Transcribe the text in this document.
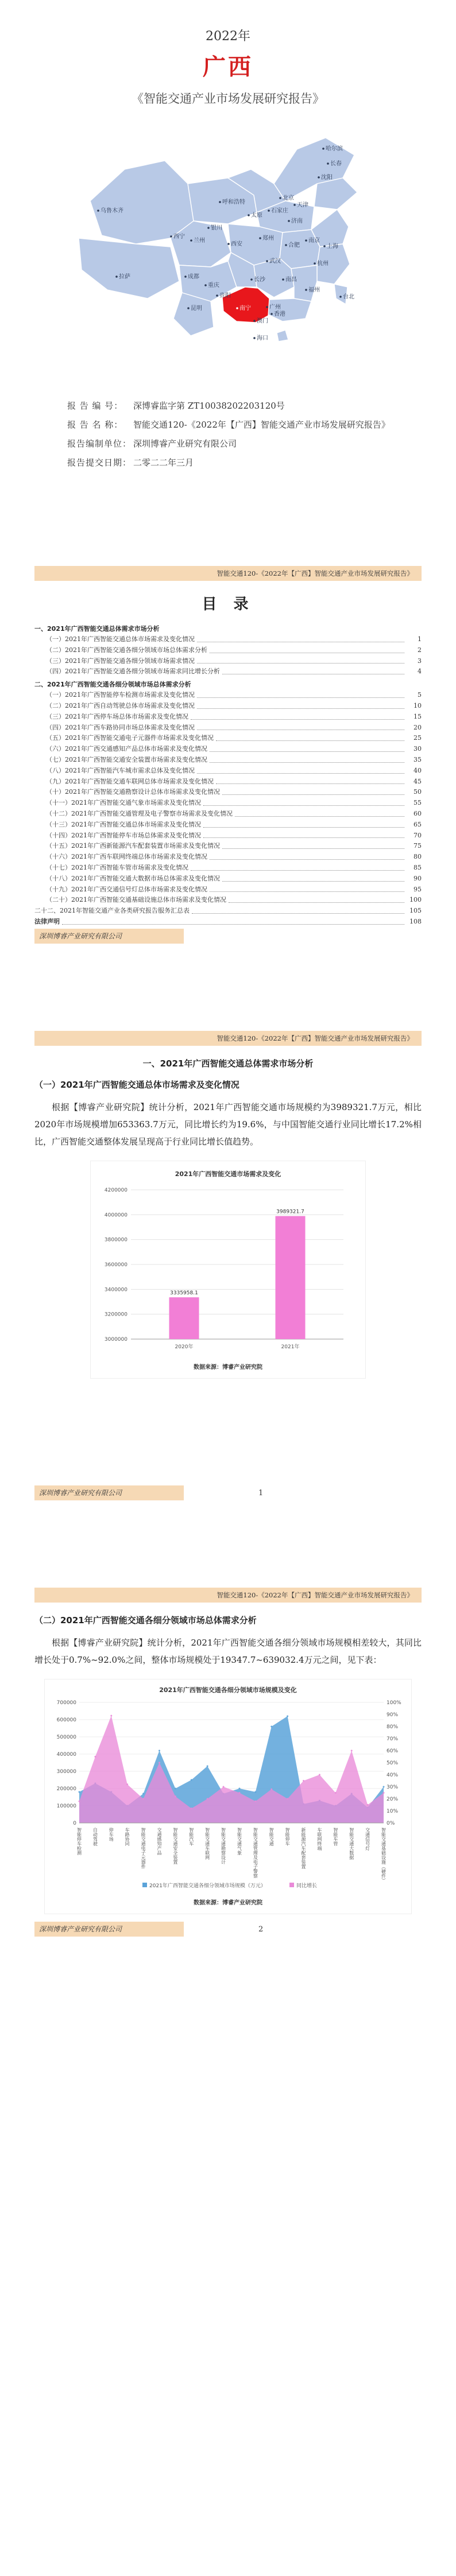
2022年
广西
《智能交通产业市场发展研究报告》
哈尔滨
长春
沈阳
乌鲁木齐
呼和浩特
北京
天津
石家庄
太原
银川
济南
西宁
兰州	郑州
西安	合肥
南京
上海
拉萨	成都
武汉	杭州
重庆
长沙	南昌
福州
贵阳	台北
昆明	南宁	广州
香港
澳门
海口
报 告 编 号：	深博睿监字第 ZT10038202203120号
报 告 名 称：	智能交通120-《2022年【广西】智能交通产业市场发展研究报告》
报告编制单位： 深圳博睿产业研究有限公司
报告提交日期： 二零二二年三月
智能交通120-《2022年【广西】智能交通产业市场发展研究报告》
目 录
一、2021年广西智能交通总体需求市场分析
（一）2021年广西智能交通总体市场需求及变化情况	1
（二）2021年广西智能交通各细分领域市场总体需求分析	2
（三）2021年广西智能交通各细分领域市场需求情况	3
（四）2021年广西智能交通各细分领域市场需求同比增长分析	4
二、2021年广西智能交通各细分领域市场总体需求分析
（一）2021年广西智能停车检测市场需求及变化情况	5
（二）2021年广西自动驾驶总体市场需求及变化情况	10
（三）2021年广西停车场总体市场需求及变化情况	15
（四）2021年广西车路协同市场总体需求及变化情况	20
（五）2021年广西智能交通电子元器件市场需求及变化情况	25
（六）2021年广西交通感知产品总体市场需求及变化情况	30
（七）2021年广西智能交通安全装置市场需求及变化情况	35
（八）2021年广西智能汽车城市需求总体及变化情况	40
（九）2021年广西智能交通车联网总体市场需求及变化情况	45
（十）2021年广西智能交通勘察设计总体市场需求及变化情况	50
（十一）2021年广西智能交通气象市场需求及变化情况	55
（十二）2021年广西智能交通管理及电子警察市场需求及变化情况	60
（十三）2021年广西智能交通总体市场需求及变化情况	65
（十四）2021年广西智能停车市场总体需求及变化情况	70
（十五）2021年广西新能源汽车配套装置市场需求及变化情况	75
（十六）2021年广西车联网终端总体市场需求及变化情况	80
（十七）2021年广西智能车管市场需求及变化情况	85
（十八）2021年广西智能交通大数据市场总体需求及变化情况	90
（十九）2021年广西交通信号灯总体市场需求及变化情况	95
（二十）2021年广西智能交通基础设施总体市场需求及变化情况	100
二十二、2021年智能交通产业各类研究报告服务汇总表	105
法律声明	108
深圳博睿产业研究有限公司
智能交通120-《2022年【广西】智能交通产业市场发展研究报告》
一、2021年广西智能交通总体需求市场分析
（一）2021年广西智能交通总体市场需求及变化情况

根据【博睿产业研究院】统计分析，2021年广西智能交通市场规模约为3989321.7万元，相比2020年市场规模增加653363.7万元，同比增长约为19.6%，与中国智能交通行业同比增长17.2%相比，广西智能交通整体发展呈现高于行业同比增长值趋势。

2021年广西智能交通市场需求及变化
3000000
3200000
3400000
3600000
3800000
4000000
4200000
3335958.1
2020年
3989321.7
2021年
数据来源：博睿产业研究院
深圳博睿产业研究有限公司	1
智能交通120-《2022年【广西】智能交通产业市场发展研究报告》
（二）2021年广西智能交通各细分领域市场总体需求分析

根据【博睿产业研究院】统计分析，2021年广西智能交通各细分领域市场规模相差较大，其同比增长处于0.7%~92.0%之间，整体市场规模处于19347.7~639032.4万元之间，见下表：

2021年广西智能交通各细分领域市场规模及变化
0
100000
200000
300000
400000
500000
600000
700000
0%
10%
20%
30%
40%
50%
60%
70%
80%
90%
100%
智能停车检测 自动驾驶 停车场 车路协同 智能交通电子元器件 交通感知产品 智能交通安全装置 智能汽车 智能交通车联网 智能交通勘察设计 智能交通气象 智能交通管理及电子警察 智能交通 智能停车 新能源汽车配套装置 车联网终端 智能车管 智能交通大数据 交通信号灯 智能交通基础设施（硬件）
2021年广西智能交通各细分领域市场规模（万元）	同比增长
数据来源：博睿产业研究院
深圳博睿产业研究有限公司	2
